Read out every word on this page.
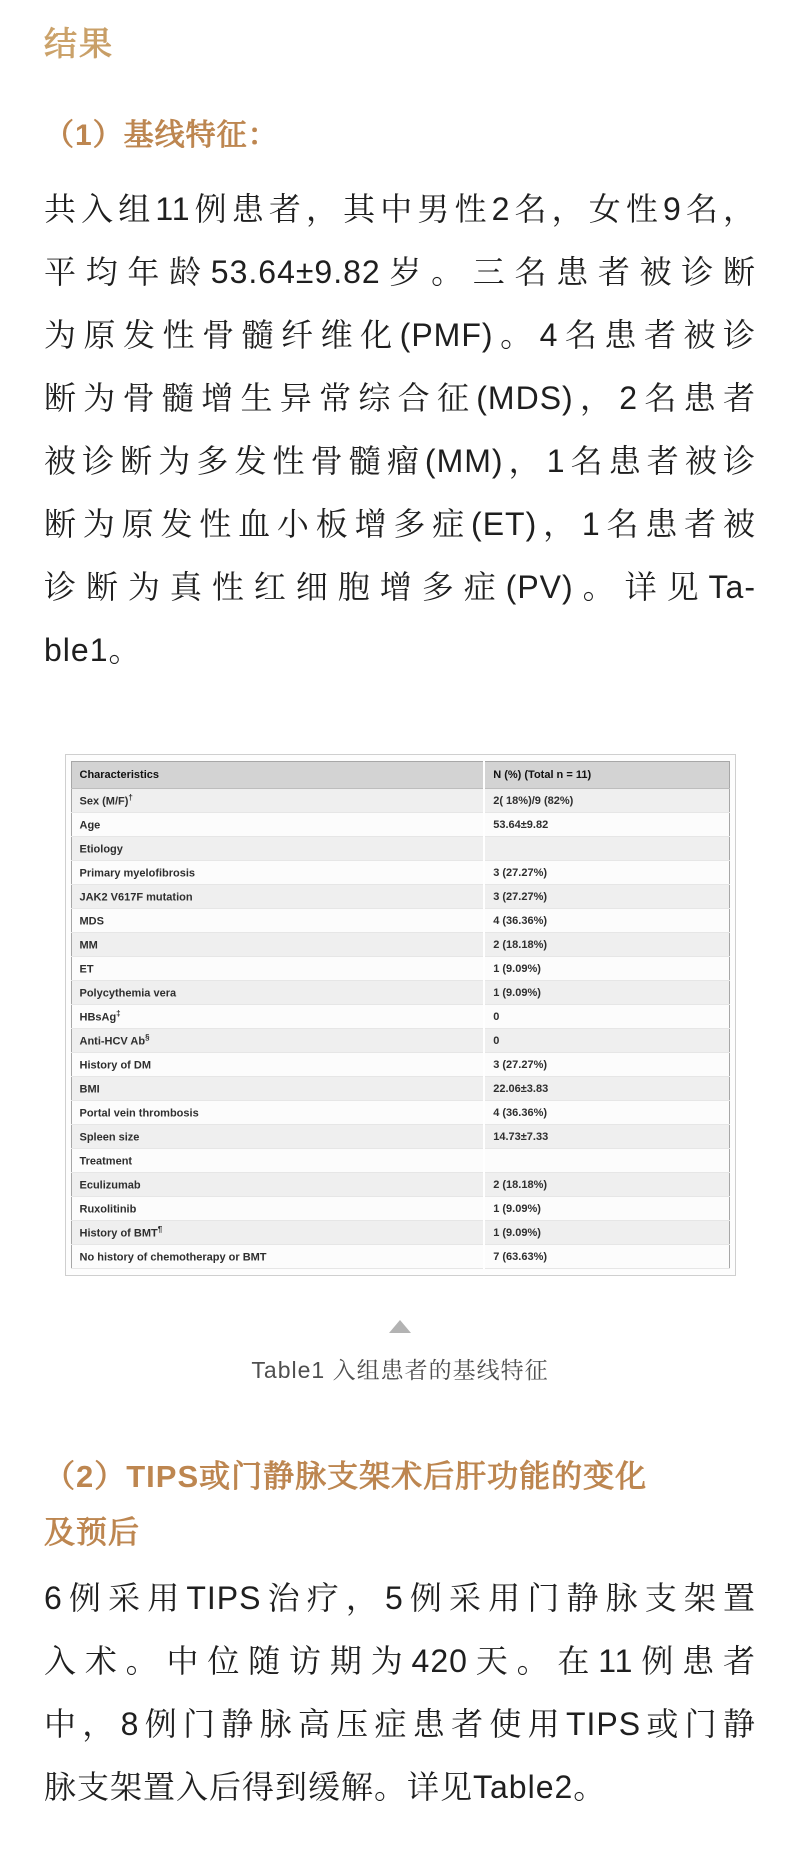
结果
（1）基线特征：
共入组11例患者，其中男性2名，女性9名，
平均年龄53.64±9.82岁。三名患者被诊断
为原发性骨髓纤维化(PMF)。4名患者被诊
断为骨髓增生异常综合征(MDS)，2名患者
被诊断为多发性骨髓瘤(MM)，1名患者被诊
断为原发性血小板增多症(ET)，1名患者被
诊断为真性红细胞增多症(PV)。详见Ta-
ble1。
Characteristics	N (%) (Total n = 11)
Sex (M/F)†	2( 18%)/9 (82%)
Age	53.64±9.82
Etiology	
Primary myelofibrosis	3 (27.27%)
JAK2 V617F mutation	3 (27.27%)
MDS	4 (36.36%)
MM	2 (18.18%)
ET	1 (9.09%)
Polycythemia vera	1 (9.09%)
HBsAg‡	0
Anti-HCV Ab§	0
History of DM	3 (27.27%)
BMI	22.06±3.83
Portal vein thrombosis	4 (36.36%)
Spleen size	14.73±7.33
Treatment	
Eculizumab	2 (18.18%)
Ruxolitinib	1 (9.09%)
History of BMT¶	1 (9.09%)
No history of chemotherapy or BMT	7 (63.63%)
Table1 入组患者的基线特征
（2）TIPS或门静脉支架术后肝功能的变化
及预后
6例采用TIPS治疗，5例采用门静脉支架置
入术。中位随访期为420天。在11例患者
中，8例门静脉高压症患者使用TIPS或门静
脉支架置入后得到缓解。详见Table2。
